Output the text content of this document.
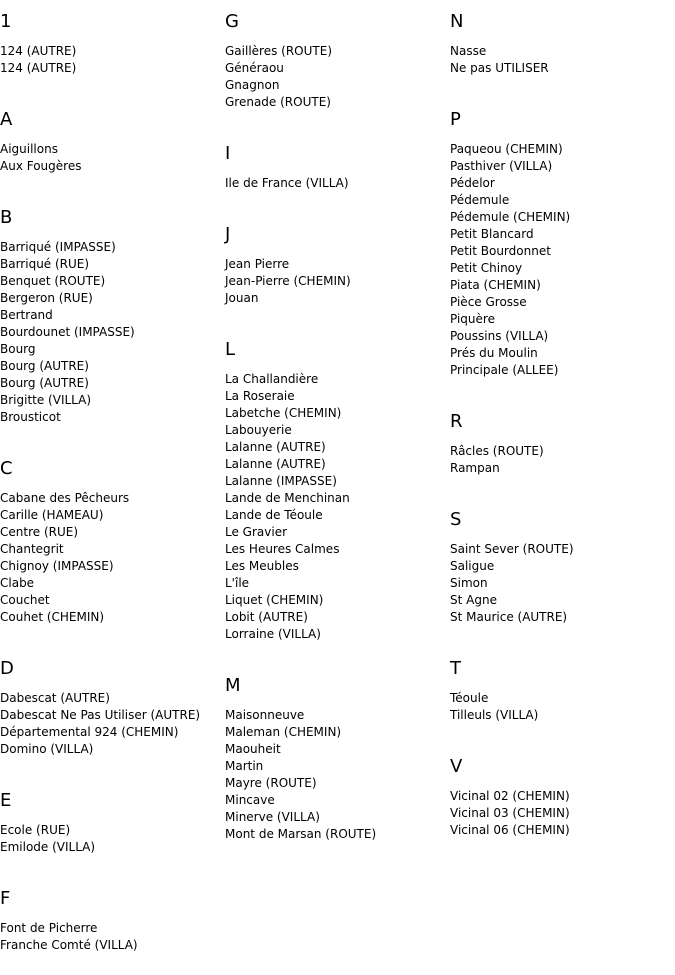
1
124 (AUTRE)
124 (AUTRE)
A
Aiguillons
Aux Fougères
B
Barriqué (IMPASSE)
Barriqué (RUE)
Benquet (ROUTE)
Bergeron (RUE)
Bertrand
Bourdounet (IMPASSE)
Bourg
Bourg (AUTRE)
Bourg (AUTRE)
Brigitte (VILLA)
Brousticot
C
Cabane des Pêcheurs
Carille (HAMEAU)
Centre (RUE)
Chantegrit
Chignoy (IMPASSE)
Clabe
Couchet
Couhet (CHEMIN)
D
Dabescat (AUTRE)
Dabescat Ne Pas Utiliser (AUTRE)
Départemental 924 (CHEMIN)
Domino (VILLA)
E
Ecole (RUE)
Emilode (VILLA)
F
Font de Picherre
Franche Comté (VILLA)
G
Gaillères (ROUTE)
Généraou
Gnagnon
Grenade (ROUTE)
I
Ile de France (VILLA)
J
Jean Pierre
Jean-Pierre (CHEMIN)
Jouan
L
La Challandière
La Roseraie
Labetche (CHEMIN)
Labouyerie
Lalanne (AUTRE)
Lalanne (AUTRE)
Lalanne (IMPASSE)
Lande de Menchinan
Lande de Téoule
Le Gravier
Les Heures Calmes
Les Meubles
L'île
Liquet (CHEMIN)
Lobit (AUTRE)
Lorraine (VILLA)
M
Maisonneuve
Maleman (CHEMIN)
Maouheit
Martin
Mayre (ROUTE)
Mincave
Minerve (VILLA)
Mont de Marsan (ROUTE)
N
Nasse
Ne pas UTILISER
P
Paqueou (CHEMIN)
Pasthiver (VILLA)
Pédelor
Pédemule
Pédemule (CHEMIN)
Petit Blancard
Petit Bourdonnet
Petit Chinoy
Piata (CHEMIN)
Pièce Grosse
Piquère
Poussins (VILLA)
Prés du Moulin
Principale (ALLEE)
R
Râcles (ROUTE)
Rampan
S
Saint Sever (ROUTE)
Saligue
Simon
St Agne
St Maurice (AUTRE)
T
Téoule
Tilleuls (VILLA)
V
Vicinal 02 (CHEMIN)
Vicinal 03 (CHEMIN)
Vicinal 06 (CHEMIN)
